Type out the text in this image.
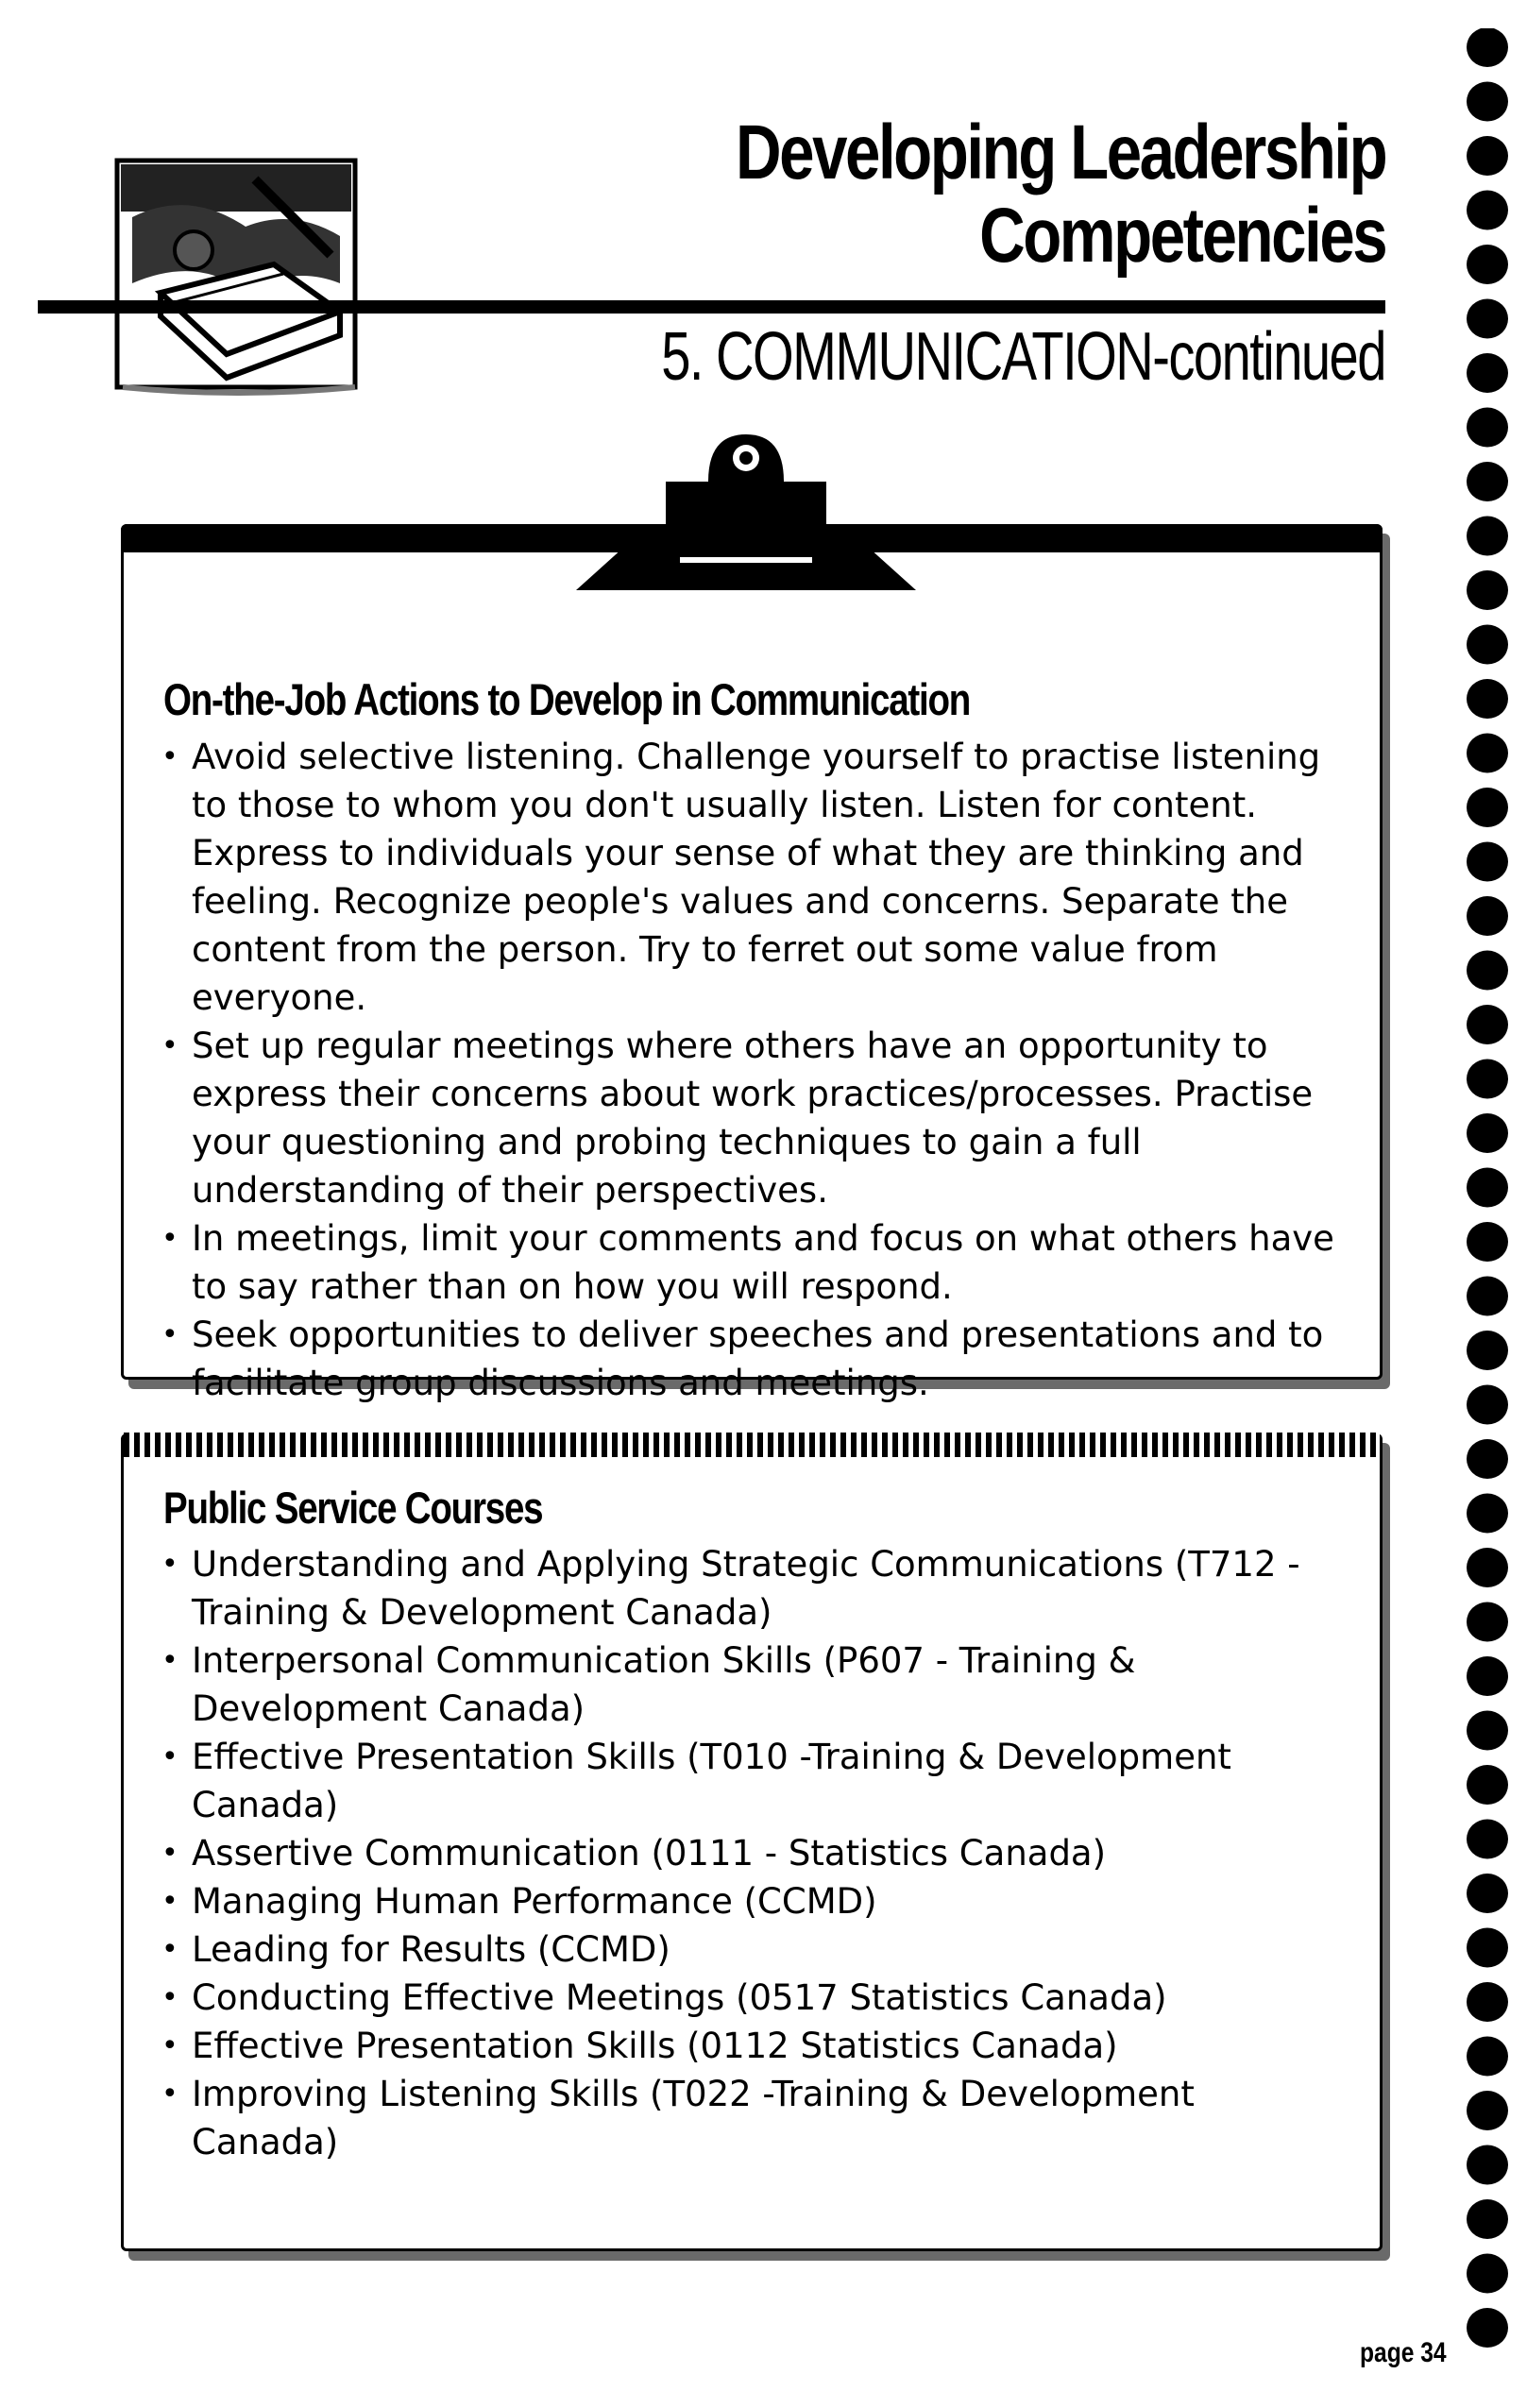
Developing Leadership
Competencies
5. COMMUNICATION-continued
On-the-Job Actions to Develop in Communication
• Avoid selective listening. Challenge yourself to practise listening to those to whom you don't usually listen. Listen for content. Express to individuals your sense of what they are thinking and feeling. Recognize people's values and concerns. Separate the content from the person. Try to ferret out some value from everyone.
• Set up regular meetings where others have an opportunity to express their concerns about work practices/processes. Practise your questioning and probing techniques to gain a full understanding of their perspectives.
• In meetings, limit your comments and focus on what others have to say rather than on how you will respond.
• Seek opportunities to deliver speeches and presentations and to facilitate group discussions and meetings.
Public Service Courses
• Understanding and Applying Strategic Communications (T712 -Training & Development Canada)
• Interpersonal Communication Skills (P607 - Training & Development Canada)
• Effective Presentation Skills (T010 -Training & Development Canada)
• Assertive Communication (0111 - Statistics Canada)
• Managing Human Performance (CCMD)
• Leading for Results (CCMD)
• Conducting Effective Meetings (0517 Statistics Canada)
• Effective Presentation Skills (0112 Statistics Canada)
• Improving Listening Skills (T022 -Training & Development Canada)
page 34
